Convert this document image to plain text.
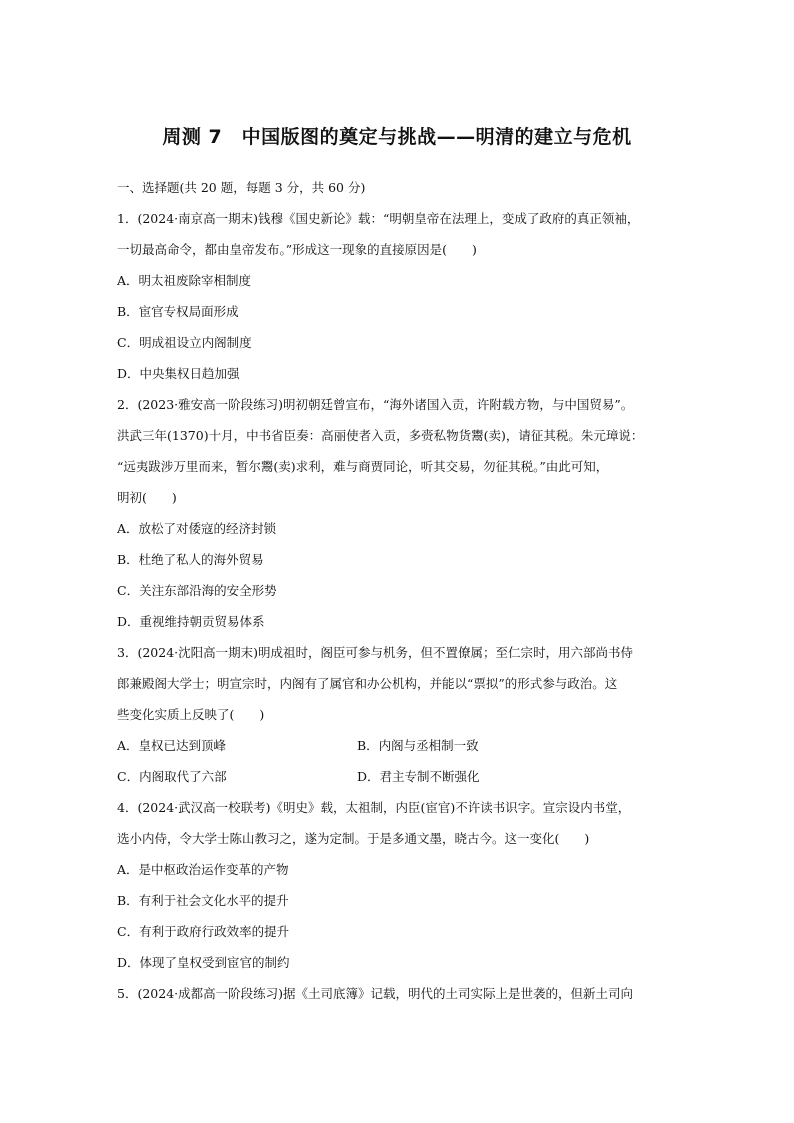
周测 7　中国版图的奠定与挑战——明清的建立与危机
一、选择题(共 20 题，每题 3 分，共 60 分)
1．(2024·南京高一期末)钱穆《国史新论》载：“明朝皇帝在法理上，变成了政府的真正领袖，
一切最高命令，都由皇帝发布。”形成这一现象的直接原因是(　　)
A．明太祖废除宰相制度
B．宦官专权局面形成
C．明成祖设立内阁制度
D．中央集权日趋加强
2．(2023·雅安高一阶段练习)明初朝廷曾宣布，“海外诸国入贡，许附载方物，与中国贸易”。
洪武三年(1370)十月，中书省臣奏：高丽使者入贡，多赍私物货鬻(卖)，请征其税。朱元璋说：
“远夷跋涉万里而来，暂尔鬻(卖)求利，难与商贾同论，听其交易，勿征其税。”由此可知，
明初(　　)
A．放松了对倭寇的经济封锁
B．杜绝了私人的海外贸易
C．关注东部沿海的安全形势
D．重视维持朝贡贸易体系
3．(2024·沈阳高一期末)明成祖时，阁臣可参与机务，但不置僚属；至仁宗时，用六部尚书侍
郎兼殿阁大学士；明宣宗时，内阁有了属官和办公机构，并能以“票拟”的形式参与政治。这
些变化实质上反映了(　　)
A．皇权已达到顶峰	B．内阁与丞相制一致
C．内阁取代了六部	D．君主专制不断强化
4．(2024·武汉高一校联考)《明史》载，太祖制，内臣(宦官)不许读书识字。宣宗设内书堂，
选小内侍，令大学士陈山教习之，遂为定制。于是多通文墨，晓古今。这一变化(　　)
A．是中枢政治运作变革的产物
B．有利于社会文化水平的提升
C．有利于政府行政效率的提升
D．体现了皇权受到宦官的制约
5．(2024·成都高一阶段练习)据《土司底簿》记载，明代的土司实际上是世袭的，但新土司向
